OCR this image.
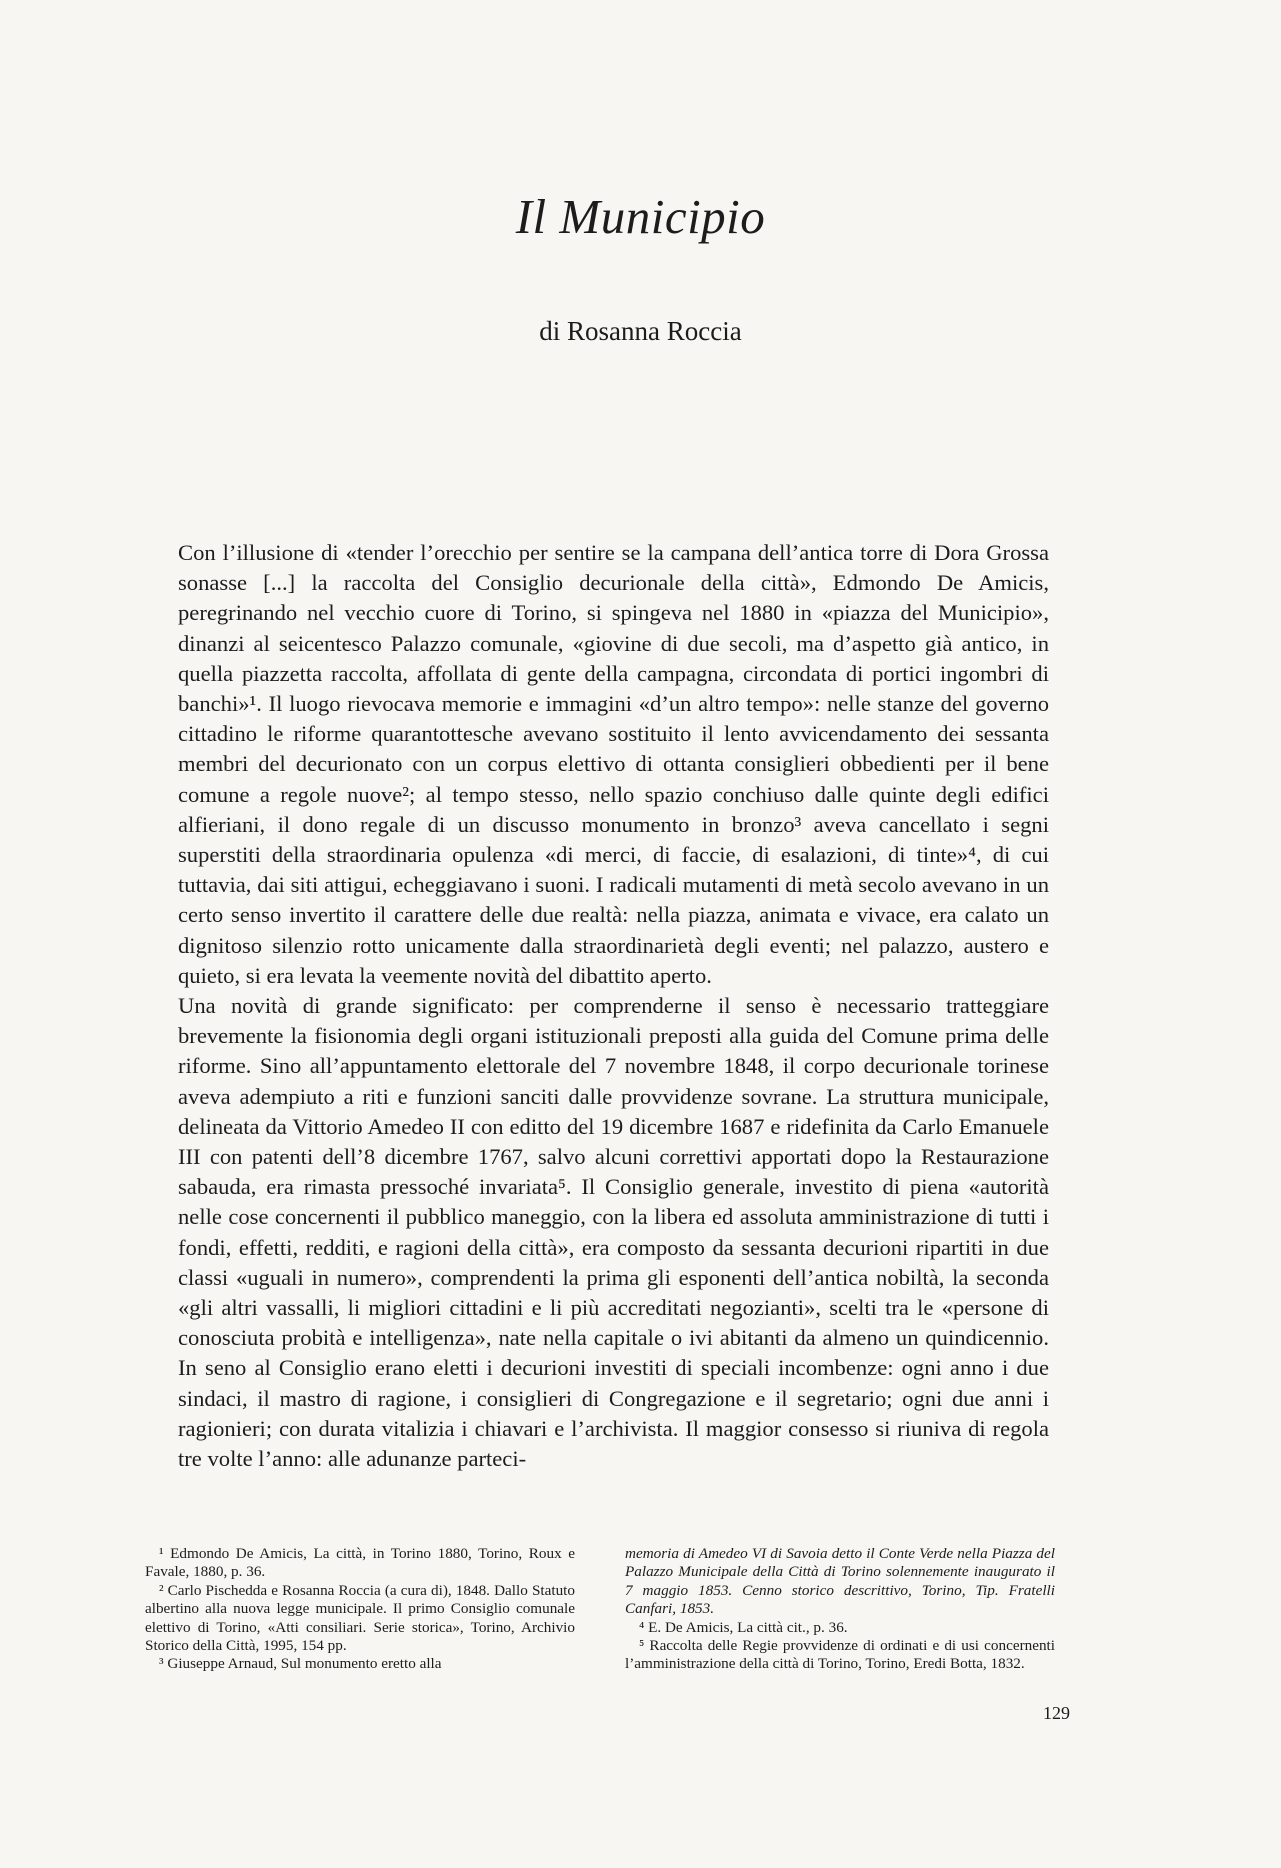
Il Municipio
di Rosanna Roccia

Con l’illusione di «tender l’orecchio per sentire se la campana dell’antica torre di Dora Grossa sonasse [...] la raccolta del Consiglio decurionale della città», Edmondo De Amicis, peregrinando nel vecchio cuore di Torino, si spingeva nel 1880 in «piazza del Municipio», dinanzi al seicentesco Palazzo comunale, «giovine di due secoli, ma d’aspetto già antico, in quella piazzetta raccolta, affollata di gente della campagna, circondata di portici ingombri di banchi»¹. Il luogo rievocava memorie e immagini «d’un altro tempo»: nelle stanze del governo cittadino le riforme quarantottesche avevano sostituito il lento avvicendamento dei sessanta membri del decurionato con un corpus elettivo di ottanta consiglieri obbedienti per il bene comune a regole nuove²; al tempo stesso, nello spazio conchiuso dalle quinte degli edifici alfieriani, il dono regale di un discusso monumento in bronzo³ aveva cancellato i segni superstiti della straordinaria opulenza «di merci, di faccie, di esalazioni, di tinte»⁴, di cui tuttavia, dai siti attigui, echeggiavano i suoni. I radicali mutamenti di metà secolo avevano in un certo senso invertito il carattere delle due realtà: nella piazza, animata e vivace, era calato un dignitoso silenzio rotto unicamente dalla straordinarietà degli eventi; nel palazzo, austero e quieto, si era levata la veemente novità del dibattito aperto.

Una novità di grande significato: per comprenderne il senso è necessario tratteggiare brevemente la fisionomia degli organi istituzionali preposti alla guida del Comune prima delle riforme. Sino all’appuntamento elettorale del 7 novembre 1848, il corpo decurionale torinese aveva adempiuto a riti e funzioni sanciti dalle provvidenze sovrane. La struttura municipale, delineata da Vittorio Amedeo II con editto del 19 dicembre 1687 e ridefinita da Carlo Emanuele III con patenti dell’8 dicembre 1767, salvo alcuni correttivi apportati dopo la Restaurazione sabauda, era rimasta pressoché invariata⁵. Il Consiglio generale, investito di piena «autorità nelle cose concernenti il pubblico maneggio, con la libera ed assoluta amministrazione di tutti i fondi, effetti, redditi, e ragioni della città», era composto da sessanta decurioni ripartiti in due classi «uguali in numero», comprendenti la prima gli esponenti dell’antica nobiltà, la seconda «gli altri vassalli, li migliori cittadini e li più accreditati negozianti», scelti tra le «persone di conosciuta probità e intelligenza», nate nella capitale o ivi abitanti da almeno un quindicennio. In seno al Consiglio erano eletti i decurioni investiti di speciali incombenze: ogni anno i due sindaci, il mastro di ragione, i consiglieri di Congregazione e il segretario; ogni due anni i ragionieri; con durata vitalizia i chiavari e l’archivista. Il maggior consesso si riuniva di regola tre volte l’anno: alle adunanze parteci-

¹ Edmondo De Amicis, La città, in Torino 1880, Torino, Roux e Favale, 1880, p. 36.

² Carlo Pischedda e Rosanna Roccia (a cura di), 1848. Dallo Statuto albertino alla nuova legge municipale. Il primo Consiglio comunale elettivo di Torino, «Atti consiliari. Serie storica», Torino, Archivio Storico della Città, 1995, 154 pp.

³ Giuseppe Arnaud, Sul monumento eretto alla

memoria di Amedeo VI di Savoia detto il Conte Verde nella Piazza del Palazzo Municipale della Città di Torino solennemente inaugurato il 7 maggio 1853. Cenno storico descrittivo, Torino, Tip. Fratelli Canfari, 1853.

⁴ E. De Amicis, La città cit., p. 36.

⁵ Raccolta delle Regie provvidenze di ordinati e di usi concernenti l’amministrazione della città di Torino, Torino, Eredi Botta, 1832.

129
